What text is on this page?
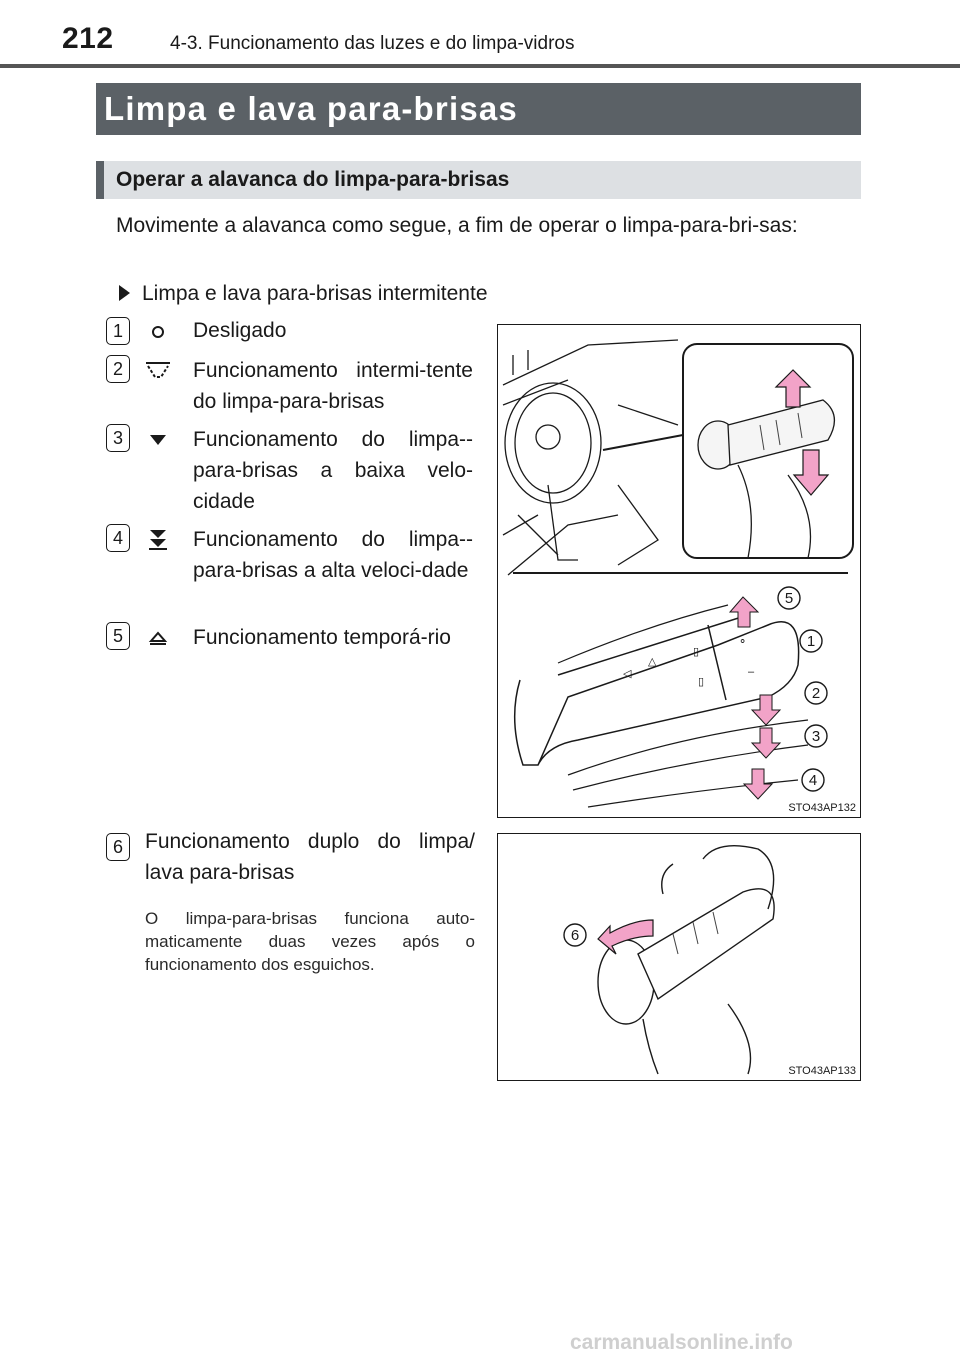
212	4-3. Funcionamento das luzes e do limpa-vidros
Limpa e lava para-brisas
Operar a alavanca do limpa-para-brisas
Movimente a alavanca como segue, a fim de operar o limpa-para-bri-sas:
Limpa e lava para-brisas intermitente
1	Desligado
2	Funcionamento intermi-tente do limpa-para-brisas
3	Funcionamento do limpa--para-brisas a baixa velo-cidade
4	Funcionamento do limpa--para-brisas a alta veloci-dade
5	Funcionamento temporá-rio
▯
▯
◁
△
⚬
–
5
1
2
3
4
STO43AP132
6	Funcionamento duplo do limpa/ lava para-brisas
O limpa-para-brisas funciona auto-maticamente duas vezes após o funcionamento dos esguichos.
6
STO43AP133
carmanualsonline.info
